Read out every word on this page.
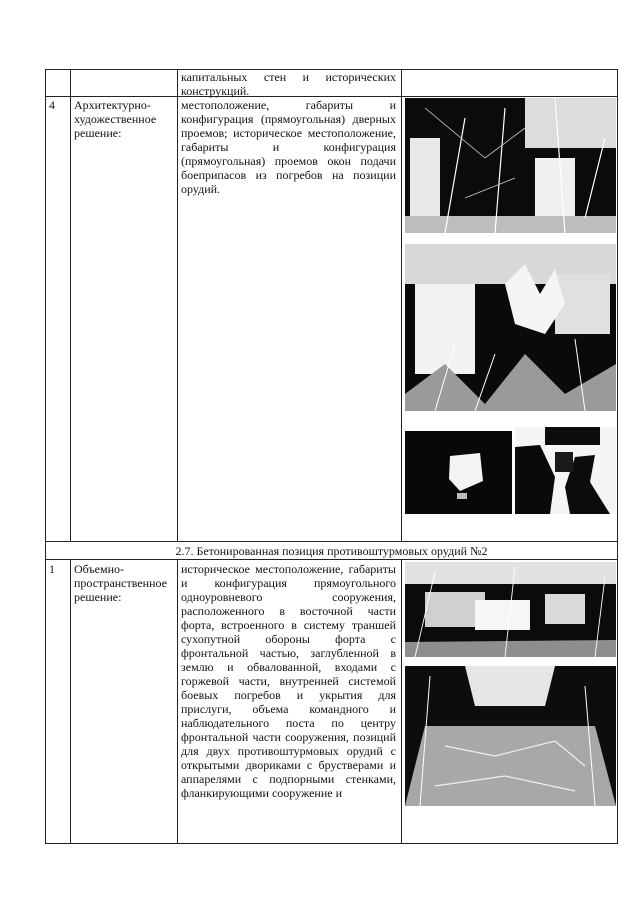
капитальных стен и исторических конструкций.
4 Архитектурно-художественное решение:
местоположение, габариты и конфигурация (прямоугольная) дверных проемов; историческое местоположение, габариты и конфигурация (прямоугольная) проемов окон подачи боеприпасов из погребов на позиции орудий.
2.7. Бетонированная позиция противоштурмовых орудий №2
1 Объемно-пространственное решение:
историческое местоположение, габариты и конфигурация прямоугольного одноуровневого сооружения, расположенного в восточной части форта, встроенного в систему траншей сухопутной обороны форта с фронтальной частью, заглубленной в землю и обвалованной, входами с горжевой части, внутренней системой боевых погребов и укрытия для прислуги, объема командного и наблюдательного поста по центру фронтальной части сооружения, позиций для двух противоштурмовых орудий с открытыми двориками с брустверами и аппарелями с подпорными стенками, фланкирующими сооружение и
